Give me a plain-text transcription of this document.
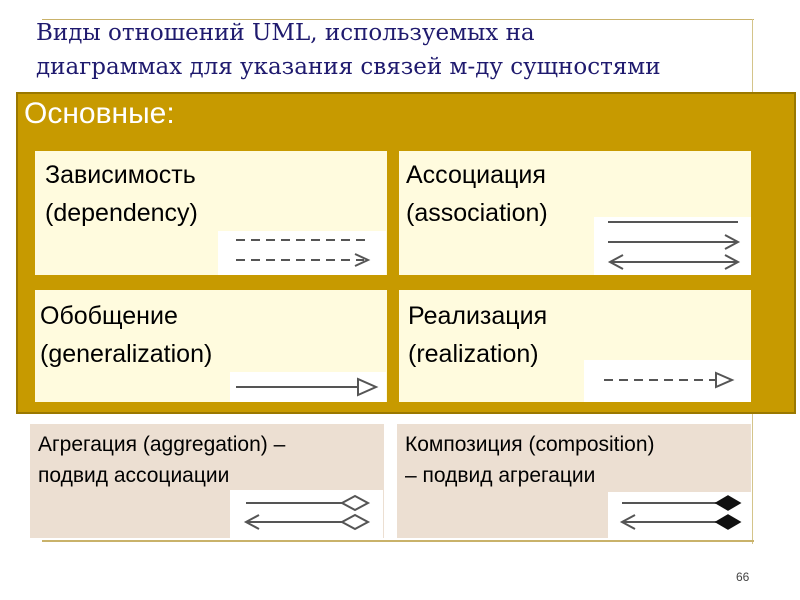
Виды отношений UML, используемых на
диаграммах для указания связей м-ду сущностями
Основные:
Зависимость
(dependency)
Ассоциация
(association)
Обобщение
(generalization)
Реализация
(realization)
Агрегация (aggregation) –
подвид ассоциации
Композиция (composition)
– подвид агрегации
66
